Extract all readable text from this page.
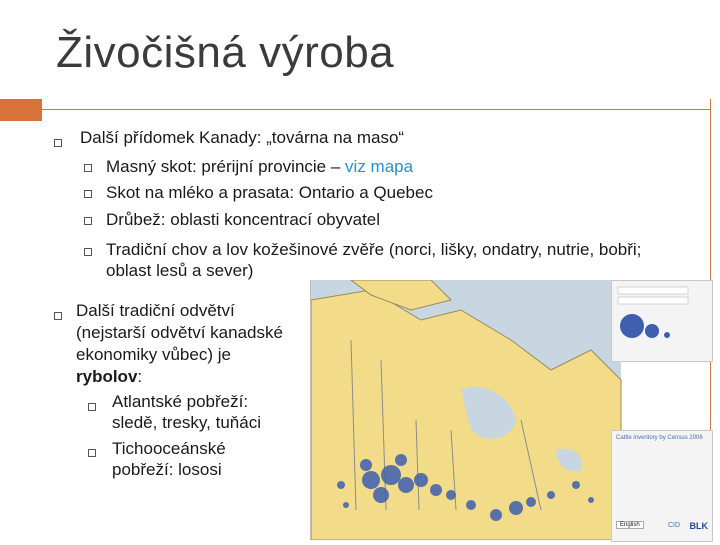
Živočišná výroba
Další přídomek Kanady: „továrna na maso“
Masný skot: prérijní provincie – viz mapa
Skot na mléko a prasata: Ontario a Quebec
Drůbež: oblasti koncentrací obyvatel
Tradiční chov a lov kožešinové zvěře (norci, lišky, ondatry, nutrie, bobři;
oblast lesů a sever)
Další tradiční odvětví
(nejstarší odvětví kanadské
ekonomiky vůbec) je
rybolov:
Atlantské pobřeží:
sledě, tresky, tuňáci
Tichooceánské
pobřeží: lososi
Cattle inventory by Census 2006
English	CID BLK
